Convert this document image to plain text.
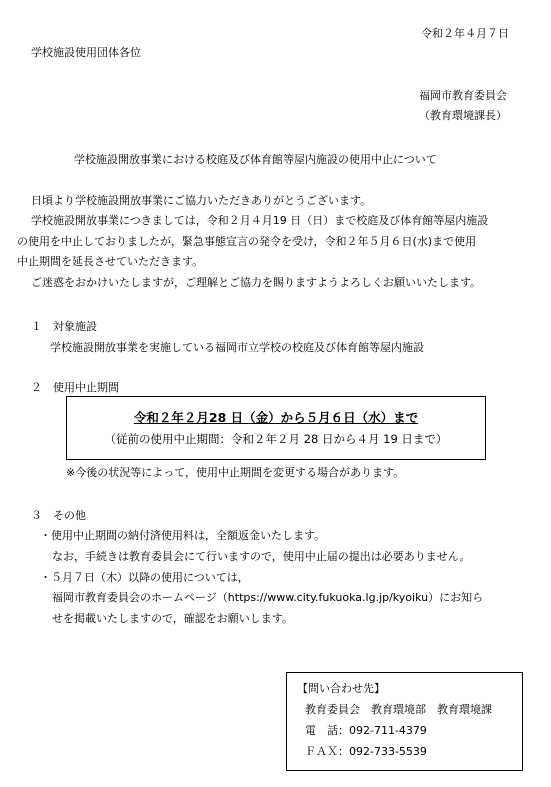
令和２年４月７日
学校施設使用団体各位
福岡市教育委員会
（教育環境課長）
学校施設開放事業における校庭及び体育館等屋内施設の使用中止について
日頃より学校施設開放事業にご協力いただきありがとうございます。
学校施設開放事業につきましては，令和２月４月19 日（日）まで校庭及び体育館等屋内施設
の使用を中止しておりましたが，緊急事態宣言の発令を受け，令和２年５月６日(水)まで使用
中止期間を延長させていただきます。
ご迷惑をおかけいたしますが，ご理解とご協力を賜りますようよろしくお願いいたします。
１　対象施設
学校施設開放事業を実施している福岡市立学校の校庭及び体育館等屋内施設
２　使用中止期間
令和２年２月28 日（金）から５月６日（水）まで
（従前の使用中止期間：令和２年２月 28 日から４月 19 日まで）
※今後の状況等によって，使用中止期間を変更する場合があります。
３　その他
・使用中止期間の納付済使用料は，全額返金いたします。
なお，手続きは教育委員会にて行いますので，使用中止届の提出は必要ありません。
・５月７日（木）以降の使用については，
福岡市教育委員会のホームページ（https://www.city.fukuoka.lg.jp/kyoiku）にお知ら
せを掲載いたしますので，確認をお願いします。
【問い合わせ先】
教育委員会　教育環境部　教育環境課
電　話：092-711-4379
ＦＡＸ：092-733-5539
